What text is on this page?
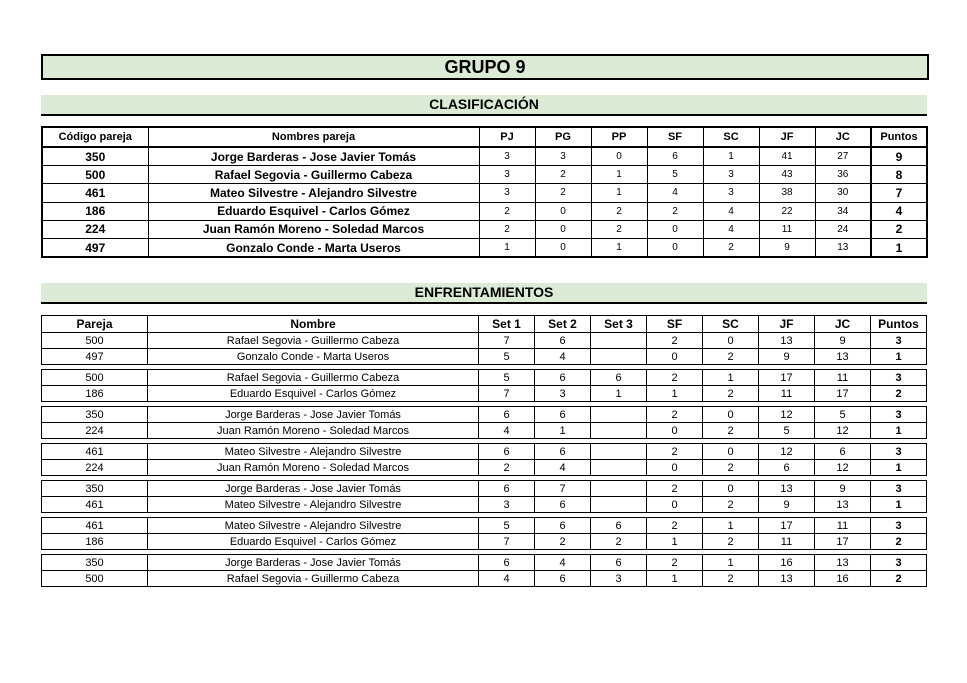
GRUPO 9
CLASIFICACIÓN
Código pareja	Nombres pareja	PJ	PG	PP	SF	SC	JF	JC	Puntos
350	Jorge Barderas - Jose Javier Tomás	3	3	0	6	1	41	27	9
500	Rafael Segovia - Guillermo Cabeza	3	2	1	5	3	43	36	8
461	Mateo Silvestre - Alejandro Silvestre	3	2	1	4	3	38	30	7
186	Eduardo Esquivel - Carlos Gómez	2	0	2	2	4	22	34	4
224	Juan Ramón Moreno - Soledad Marcos	2	0	2	0	4	11	24	2
497	Gonzalo Conde - Marta Useros	1	0	1	0	2	9	13	1
ENFRENTAMIENTOS
Pareja	Nombre	Set 1	Set 2	Set 3	SF	SC	JF	JC	Puntos
500	Rafael Segovia - Guillermo Cabeza	7	6		2	0	13	9	3
497	Gonzalo Conde - Marta Useros	5	4		0	2	9	13	1

500	Rafael Segovia - Guillermo Cabeza	5	6	6	2	1	17	11	3
186	Eduardo Esquivel - Carlos Gómez	7	3	1	1	2	11	17	2

350	Jorge Barderas - Jose Javier Tomás	6	6		2	0	12	5	3
224	Juan Ramón Moreno - Soledad Marcos	4	1		0	2	5	12	1

461	Mateo Silvestre - Alejandro Silvestre	6	6		2	0	12	6	3
224	Juan Ramón Moreno - Soledad Marcos	2	4		0	2	6	12	1

350	Jorge Barderas - Jose Javier Tomás	6	7		2	0	13	9	3
461	Mateo Silvestre - Alejandro Silvestre	3	6		0	2	9	13	1

461	Mateo Silvestre - Alejandro Silvestre	5	6	6	2	1	17	11	3
186	Eduardo Esquivel - Carlos Gómez	7	2	2	1	2	11	17	2

350	Jorge Barderas - Jose Javier Tomás	6	4	6	2	1	16	13	3
500	Rafael Segovia - Guillermo Cabeza	4	6	3	1	2	13	16	2
